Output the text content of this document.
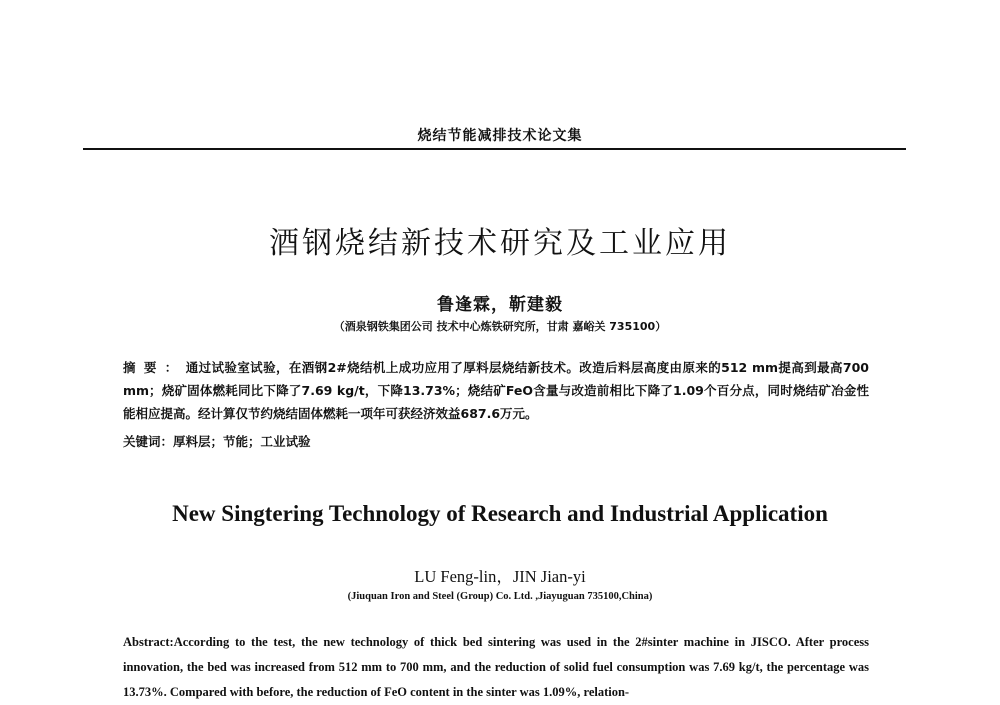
烧结节能减排技术论文集
酒钢烧结新技术研究及工业应用
鲁逢霖，靳建毅
（酒泉钢铁集团公司 技术中心炼铁研究所，甘肃 嘉峪关 735100）
摘要：通过试验室试验，在酒钢2#烧结机上成功应用了厚料层烧结新技术。改造后料层高度由原来的512 mm提高到最高700 mm；烧矿固体燃耗同比下降了7.69 kg/t，下降13.73%；烧结矿FeO含量与改造前相比下降了1.09个百分点，同时烧结矿冶金性能相应提高。经计算仅节约烧结固体燃耗一项年可获经济效益687.6万元。
关键词：厚料层；节能；工业试验
New Singtering Technology of Research and Industrial Application
LU Feng-lin，JIN Jian-yi
(Jiuquan Iron and Steel (Group) Co. Ltd. ,Jiayuguan 735100,China)
Abstract:According to the test, the new technology of thick bed sintering was used in the 2#sinter machine in JISCO. After process innovation, the bed was increased from 512 mm to 700 mm, and the reduction of solid fuel consumption was 7.69 kg/t, the percentage was 13.73%. Compared with before, the reduction of FeO content in the sinter was 1.09%, relation-
